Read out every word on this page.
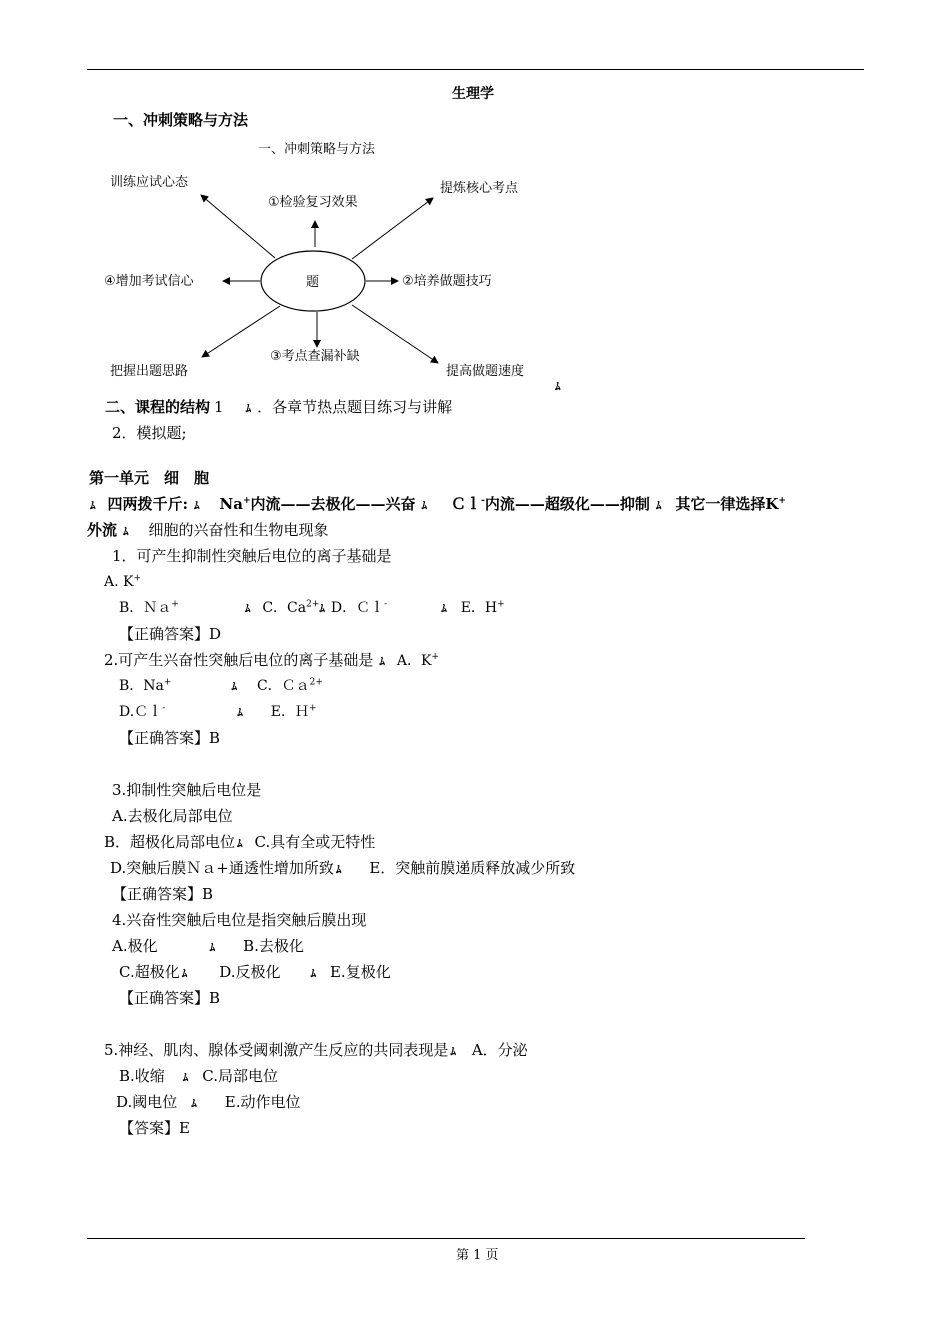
生理学
一、冲刺策略与方法
一、冲刺策略与方法
题
训练应试心态
①检验复习效果
提炼核心考点
④增加考试信心	②培养做题技巧
把握出题思路
③考点查漏补缺
提高做题速度
ﾑ
二、课程的结构 1 ﾑ ．各章节热点题目练习与讲解
2．模拟题;
第一单元　细　胞
ﾑ 四两拨千斤: ﾑ Na+内流——去极化——兴奋 ﾑ Ｃｌ-内流——超级化——抑制 ﾑ 其它一律选择K+
外流 ﾑ 细胞的兴奋性和生物电现象
1．可产生抑制性突触后电位的离子基础是
A. K+
B．Ｎａ+	ﾑ C．$Ca^{2+}$ﾑ D．Ｃｌ-	ﾑ E．H+
【正确答案】D
2.可产生兴奋性突触后电位的离子基础是 ﾑ A．K+
B．Na+	ﾑ C．Ｃａ$^{2+}$
D.Ｃｌ-	ﾑ E．Ｈ+
【正确答案】B
3.抑制性突触后电位是
A.去极化局部电位
B．超极化局部电位 ﾑ C.具有全或无特性
D.突触后膜Ｎａ+通透性增加所致 ﾑ E．突触前膜递质释放减少所致
【正确答案】B
4.兴奋性突触后电位是指突触后膜出现
A.极化	ﾑ B.去极化
C.超极化 ﾑ D.反极化	ﾑ E.复极化
【正确答案】B
5.神经、肌肉、腺体受阈刺激产生反应的共同表现是 ﾑ A．分泌
B.收缩 ﾑ C.局部电位
D.阈电位 ﾑ E.动作电位
【答案】E
第 1 页
